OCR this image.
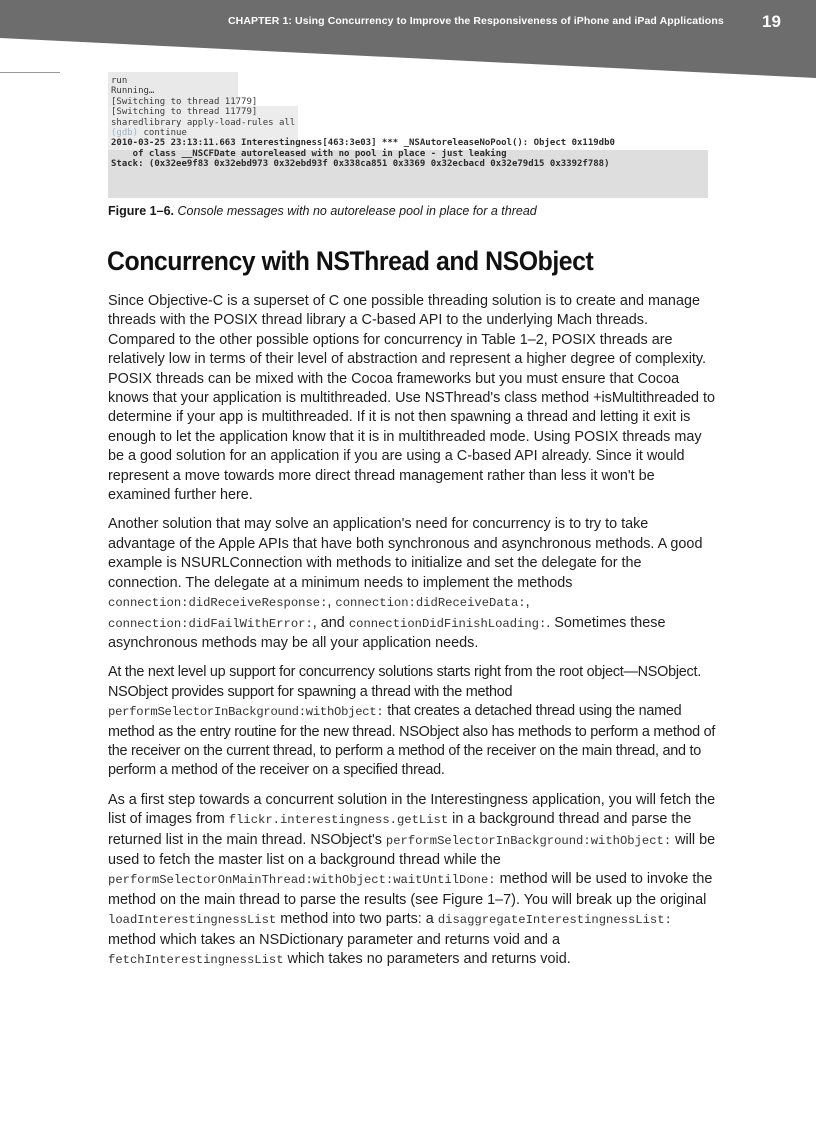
CHAPTER 1: Using Concurrency to Improve the Responsiveness of iPhone and iPad Applications 19
run
Running…
[Switching to thread 11779]
[Switching to thread 11779]
sharedlibrary apply-load-rules all
(gdb) continue
2010-03-25 23:13:11.663 Interestingness[463:3e03] *** _NSAutoreleaseNoPool(): Object 0x119db0
of class __NSCFDate autoreleased with no pool in place - just leaking
Stack: (0x32ee9f83 0x32ebd973 0x32ebd93f 0x338ca851 0x3369 0x32ecbacd 0x32e79d15 0x3392f788)
Figure 1–6. Console messages with no autorelease pool in place for a thread
Concurrency with NSThread and NSObject

Since Objective-C is a superset of C one possible threading solution is to create and manage threads with the POSIX thread library a C-based API to the underlying Mach threads. Compared to the other possible options for concurrency in Table 1–2, POSIX threads are relatively low in terms of their level of abstraction and represent a higher degree of complexity. POSIX threads can be mixed with the Cocoa frameworks but you must ensure that Cocoa knows that your application is multithreaded. Use NSThread's class method +isMultithreaded to determine if your app is multithreaded. If it is not then spawning a thread and letting it exit is enough to let the application know that it is in multithreaded mode. Using POSIX threads may be a good solution for an application if you are using a C-based API already. Since it would represent a move towards more direct thread management rather than less it won't be examined further here.

Another solution that may solve an application's need for concurrency is to try to take advantage of the Apple APIs that have both synchronous and asynchronous methods. A good example is NSURLConnection with methods to initialize and set the delegate for the connection. The delegate at a minimum needs to implement the methods connection:didReceiveResponse:, connection:didReceiveData:, connection:didFailWithError:, and connectionDidFinishLoading:. Sometimes these asynchronous methods may be all your application needs.

At the next level up support for concurrency solutions starts right from the root object—NSObject. NSObject provides support for spawning a thread with the method performSelectorInBackground:withObject: that creates a detached thread using the named method as the entry routine for the new thread. NSObject also has methods to perform a method of the receiver on the current thread, to perform a method of the receiver on the main thread, and to perform a method of the receiver on a specified thread.

As a first step towards a concurrent solution in the Interestingness application, you will fetch the list of images from flickr.interestingness.getList in a background thread and parse the returned list in the main thread. NSObject's performSelectorInBackground:withObject: will be used to fetch the master list on a background thread while the performSelectorOnMainThread:withObject:waitUntilDone: method will be used to invoke the method on the main thread to parse the results (see Figure 1–7). You will break up the original loadInterestingnessList method into two parts: a disaggregateInterestingnessList: method which takes an NSDictionary parameter and returns void and a fetchInterestingnessList which takes no parameters and returns void.
